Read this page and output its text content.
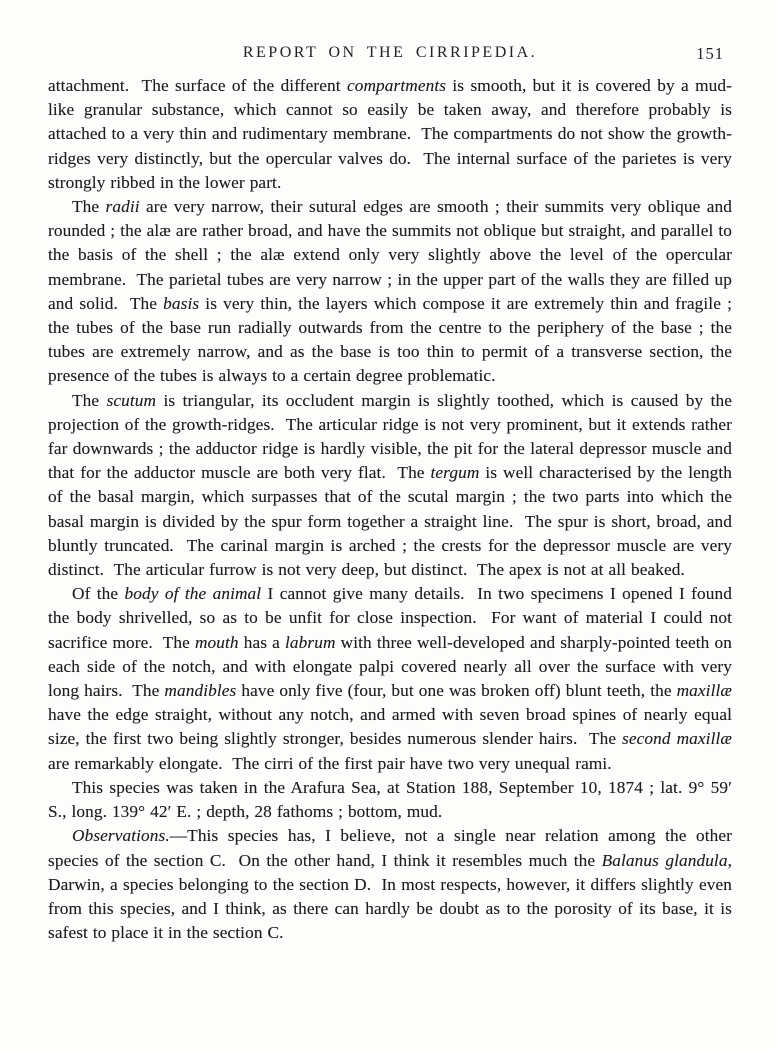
REPORT ON THE CIRRIPEDIA.	151

attachment.  The surface of the different compartments is smooth, but it is covered by a mud-like granular substance, which cannot so easily be taken away, and therefore probably is attached to a very thin and rudimentary membrane.  The compartments do not show the growth-ridges very distinctly, but the opercular valves do.  The internal surface of the parietes is very strongly ribbed in the lower part.

The radii are very narrow, their sutural edges are smooth ; their summits very oblique and rounded ; the alæ are rather broad, and have the summits not oblique but straight, and parallel to the basis of the shell ; the alæ extend only very slightly above the level of the opercular membrane.  The parietal tubes are very narrow ; in the upper part of the walls they are filled up and solid.  The basis is very thin, the layers which compose it are extremely thin and fragile ; the tubes of the base run radially outwards from the centre to the periphery of the base ; the tubes are extremely narrow, and as the base is too thin to permit of a transverse section, the presence of the tubes is always to a certain degree problematic.

The scutum is triangular, its occludent margin is slightly toothed, which is caused by the projection of the growth-ridges.  The articular ridge is not very prominent, but it extends rather far downwards ; the adductor ridge is hardly visible, the pit for the lateral depressor muscle and that for the adductor muscle are both very flat.  The tergum is well characterised by the length of the basal margin, which surpasses that of the scutal margin ; the two parts into which the basal margin is divided by the spur form together a straight line.  The spur is short, broad, and bluntly truncated.  The carinal margin is arched ; the crests for the depressor muscle are very distinct.  The articular furrow is not very deep, but distinct.  The apex is not at all beaked.

Of the body of the animal I cannot give many details.  In two specimens I opened I found the body shrivelled, so as to be unfit for close inspection.  For want of material I could not sacrifice more.  The mouth has a labrum with three well-developed and sharply-pointed teeth on each side of the notch, and with elongate palpi covered nearly all over the surface with very long hairs.  The mandibles have only five (four, but one was broken off) blunt teeth, the maxillæ have the edge straight, without any notch, and armed with seven broad spines of nearly equal size, the first two being slightly stronger, besides numerous slender hairs.  The second maxillæ are remarkably elongate.  The cirri of the first pair have two very unequal rami.

This species was taken in the Arafura Sea, at Station 188, September 10, 1874 ; lat. 9° 59′ S., long. 139° 42′ E. ; depth, 28 fathoms ; bottom, mud.

Observations.—This species has, I believe, not a single near relation among the other species of the section C.  On the other hand, I think it resembles much the Balanus glandula, Darwin, a species belonging to the section D.  In most respects, however, it differs slightly even from this species, and I think, as there can hardly be doubt as to the porosity of its base, it is safest to place it in the section C.
